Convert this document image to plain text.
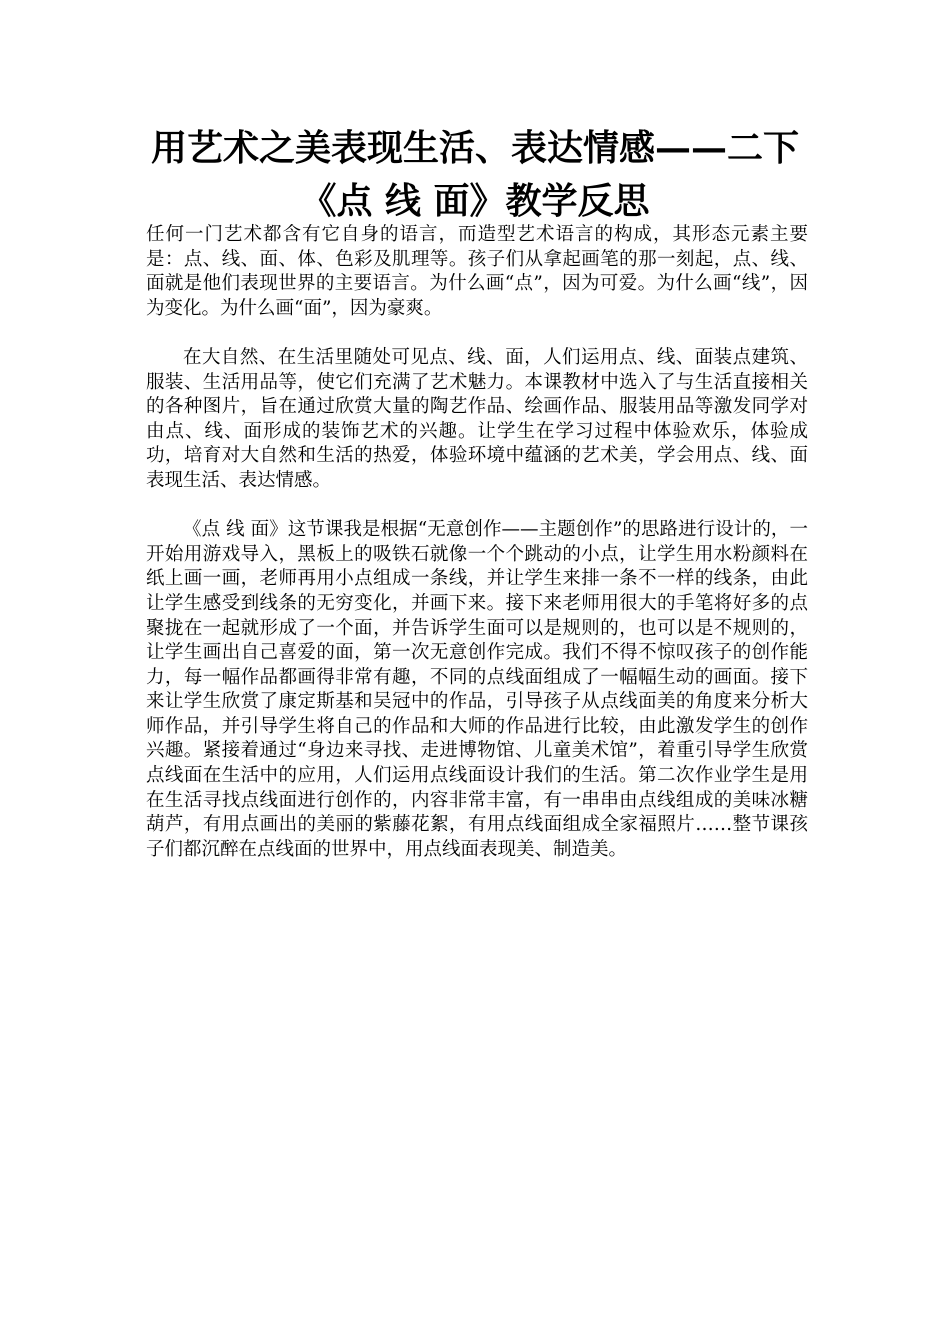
用艺术之美表现生活、表达情感——二下《点 线 面》教学反思

任何一门艺术都含有它自身的语言，而造型艺术语言的构成，其形态元素主要是：点、线、面、体、色彩及肌理等。孩子们从拿起画笔的那一刻起，点、线、面就是他们表现世界的主要语言。为什么画“点”，因为可爱。为什么画“线”，因为变化。为什么画“面”，因为豪爽。

在大自然、在生活里随处可见点、线、面，人们运用点、线、面装点建筑、服装、生活用品等，使它们充满了艺术魅力。本课教材中选入了与生活直接相关的各种图片，旨在通过欣赏大量的陶艺作品、绘画作品、服装用品等激发同学对由点、线、面形成的装饰艺术的兴趣。让学生在学习过程中体验欢乐，体验成功，培育对大自然和生活的热爱，体验环境中蕴涵的艺术美，学会用点、线、面表现生活、表达情感。

《点 线 面》这节课我是根据“无意创作——主题创作”的思路进行设计的，一开始用游戏导入，黑板上的吸铁石就像一个个跳动的小点，让学生用水粉颜料在纸上画一画，老师再用小点组成一条线，并让学生来排一条不一样的线条，由此让学生感受到线条的无穷变化，并画下来。接下来老师用很大的手笔将好多的点聚拢在一起就形成了一个面，并告诉学生面可以是规则的，也可以是不规则的，让学生画出自己喜爱的面，第一次无意创作完成。我们不得不惊叹孩子的创作能力，每一幅作品都画得非常有趣，不同的点线面组成了一幅幅生动的画面。接下来让学生欣赏了康定斯基和吴冠中的作品，引导孩子从点线面美的角度来分析大师作品，并引导学生将自己的作品和大师的作品进行比较，由此激发学生的创作兴趣。紧接着通过“身边来寻找、走进博物馆、儿童美术馆”，着重引导学生欣赏点线面在生活中的应用，人们运用点线面设计我们的生活。第二次作业学生是用在生活寻找点线面进行创作的，内容非常丰富，有一串串由点线组成的美味冰糖葫芦，有用点画出的美丽的紫藤花絮，有用点线面组成全家福照片……整节课孩子们都沉醉在点线面的世界中，用点线面表现美、制造美。
